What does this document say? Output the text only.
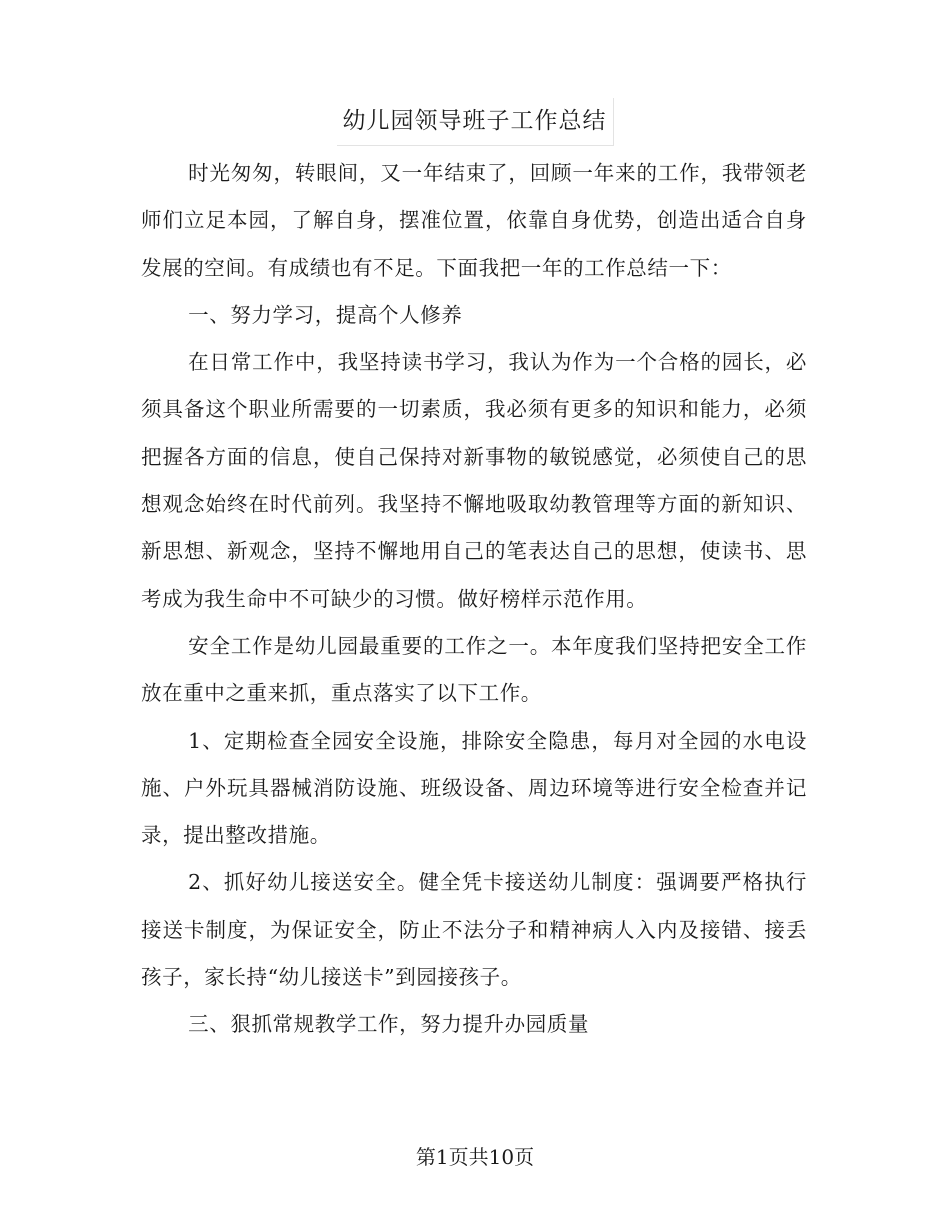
幼儿园领导班子工作总结

时光匆匆，转眼间，又一年结束了，回顾一年来的工作，我带领老师们立足本园，了解自身，摆准位置，依靠自身优势，创造出适合自身发展的空间。有成绩也有不足。下面我把一年的工作总结一下：

一、努力学习，提高个人修养

在日常工作中，我坚持读书学习，我认为作为一个合格的园长，必须具备这个职业所需要的一切素质，我必须有更多的知识和能力，必须把握各方面的信息，使自己保持对新事物的敏锐感觉，必须使自己的思想观念始终在时代前列。我坚持不懈地吸取幼教管理等方面的新知识、新思想、新观念，坚持不懈地用自己的笔表达自己的思想，使读书、思考成为我生命中不可缺少的习惯。做好榜样示范作用。

安全工作是幼儿园最重要的工作之一。本年度我们坚持把安全工作放在重中之重来抓，重点落实了以下工作。

1、定期检查全园安全设施，排除安全隐患，每月对全园的水电设施、户外玩具器械消防设施、班级设备、周边环境等进行安全检查并记录，提出整改措施。

2、抓好幼儿接送安全。健全凭卡接送幼儿制度：强调要严格执行接送卡制度，为保证安全，防止不法分子和精神病人入内及接错、接丢孩子，家长持“幼儿接送卡”到园接孩子。

三、狠抓常规教学工作，努力提升办园质量

第1页共10页
